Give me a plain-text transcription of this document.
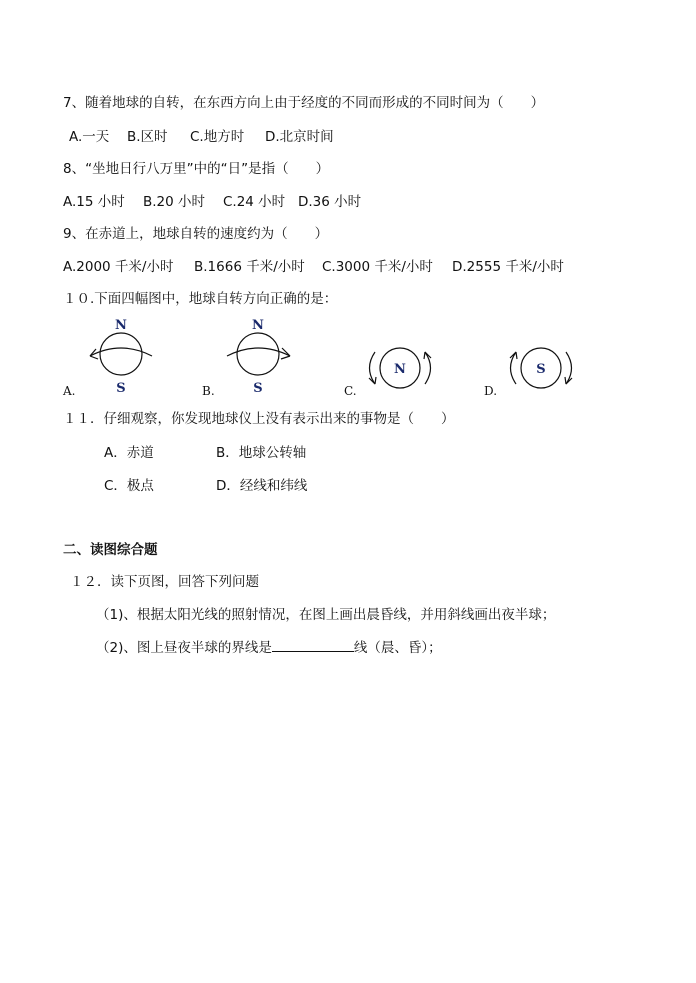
7、随着地球的自转，在东西方向上由于经度的不同而形成的不同时间为（　　）
A.一天 B.区时 C.地方时 D.北京时间
8、“坐地日行八万里”中的“日”是指（　　）
A.15 小时 B.20 小时 C.24 小时 D.36 小时
9、在赤道上，地球自转的速度约为（　　）
A.2000 千米/小时 B.1666 千米/小时 C.3000 千米/小时 D.2555 千米/小时
１０.下面四幅图中，地球自转方向正确的是：
N
S
A.
N
S
B.
N
C.
S
D.
１１．仔细观察，你发现地球仪上没有表示出来的事物是（　　）
A．赤道	B．地球公转轴
C．极点	D．经线和纬线
二、读图综合题
１２．读下页图，回答下列问题
（1)、根据太阳光线的照射情况，在图上画出晨昏线，并用斜线画出夜半球；
（2)、图上昼夜半球的界线是	线（晨、昏）；
